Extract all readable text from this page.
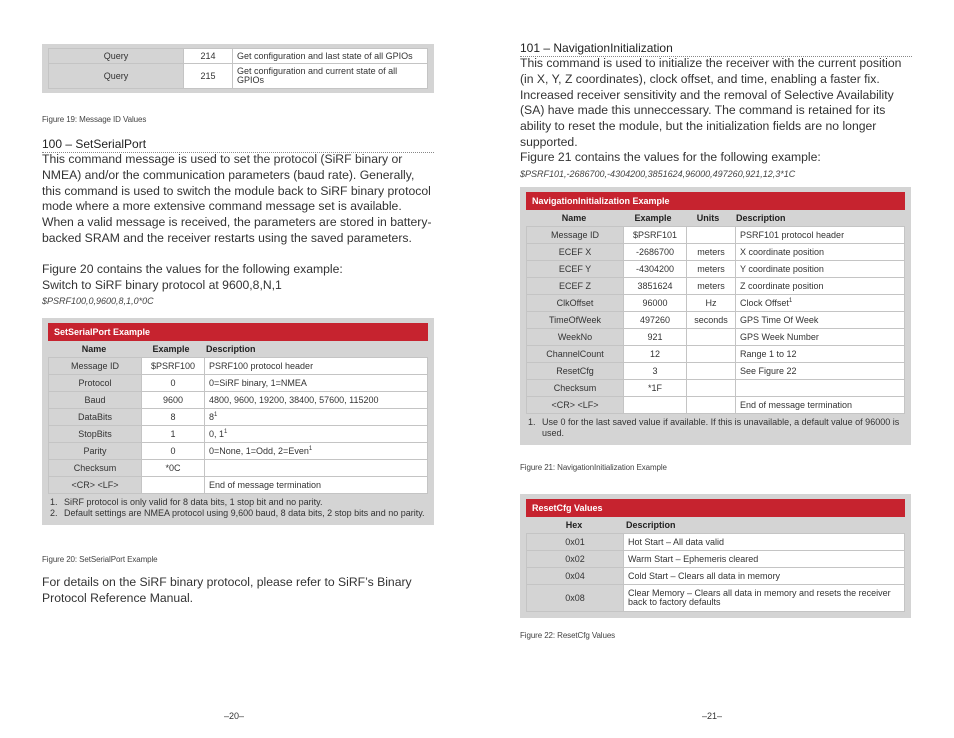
Query	214	Get configuration and last state of all GPIOs
Query	215	Get configuration and current state of all GPIOs
Figure 19: Message ID Values
100 – SetSerialPort
This command message is used to set the protocol (SiRF binary or NMEA) and/or the communication parameters (baud rate). Generally, this command is used to switch the module back to SiRF binary protocol mode where a more extensive command message set is available. When a valid message is received, the parameters are stored in battery-backed SRAM and the receiver restarts using the saved parameters.
Figure 20 contains the values for the following example:
Switch to SiRF binary protocol at 9600,8,N,1
$PSRF100,0,9600,8,1,0*0C
SetSerialPort Example
Name	Example	Description
Message ID	$PSRF100	PSRF100 protocol header
Protocol	0	0=SiRF binary, 1=NMEA
Baud	9600	4800, 9600, 19200, 38400, 57600, 115200
DataBits	8	$8^1$
StopBits	1	0, $1^1$
Parity	0	0=None, 1=Odd, 2=Even$^1$
Checksum	*0C	
<CR> <LF>		End of message termination
1. SiRF protocol is only valid for 8 data bits, 1 stop bit and no parity.
2. Default settings are NMEA protocol using 9,600 baud, 8 data bits, 2 stop bits and no parity.
Figure 20: SetSerialPort Example
For details on the SiRF binary protocol, please refer to SiRF’s Binary Protocol Reference Manual.
–20–
101 – NavigationInitialization
This command is used to initialize the receiver with the current position (in X, Y, Z coordinates), clock offset, and time, enabling a faster fix. Increased receiver sensitivity and the removal of Selective Availability (SA) have made this unneccessary. The command is retained for its ability to reset the module, but the initialization fields are no longer supported.
Figure 21 contains the values for the following example:
$PSRF101,-2686700,-4304200,3851624,96000,497260,921,12,3*1C
NavigationInitialization Example
Name	Example	Units	Description
Message ID	$PSRF101		PSRF101 protocol header
ECEF X	-2686700	meters	X coordinate position
ECEF Y	-4304200	meters	Y coordinate position
ECEF Z	3851624	meters	Z coordinate position
ClkOffset	96000	Hz	Clock Offset$^1$
TimeOfWeek	497260	seconds	GPS Time Of Week
WeekNo	921		GPS Week Number
ChannelCount	12		Range 1 to 12
ResetCfg	3		See Figure 22
Checksum	*1F		
<CR> <LF>			End of message termination
1. Use 0 for the last saved value if available. If this is unavailable, a default value of 96000 is used.
Figure 21: NavigationInitialization Example
ResetCfg Values
Hex	Description
0x01	Hot Start – All data valid
0x02	Warm Start – Ephemeris cleared
0x04	Cold Start – Clears all data in memory
0x08	Clear Memory – Clears all data in memory and resets the receiver back to factory defaults
Figure 22: ResetCfg Values
–21–
